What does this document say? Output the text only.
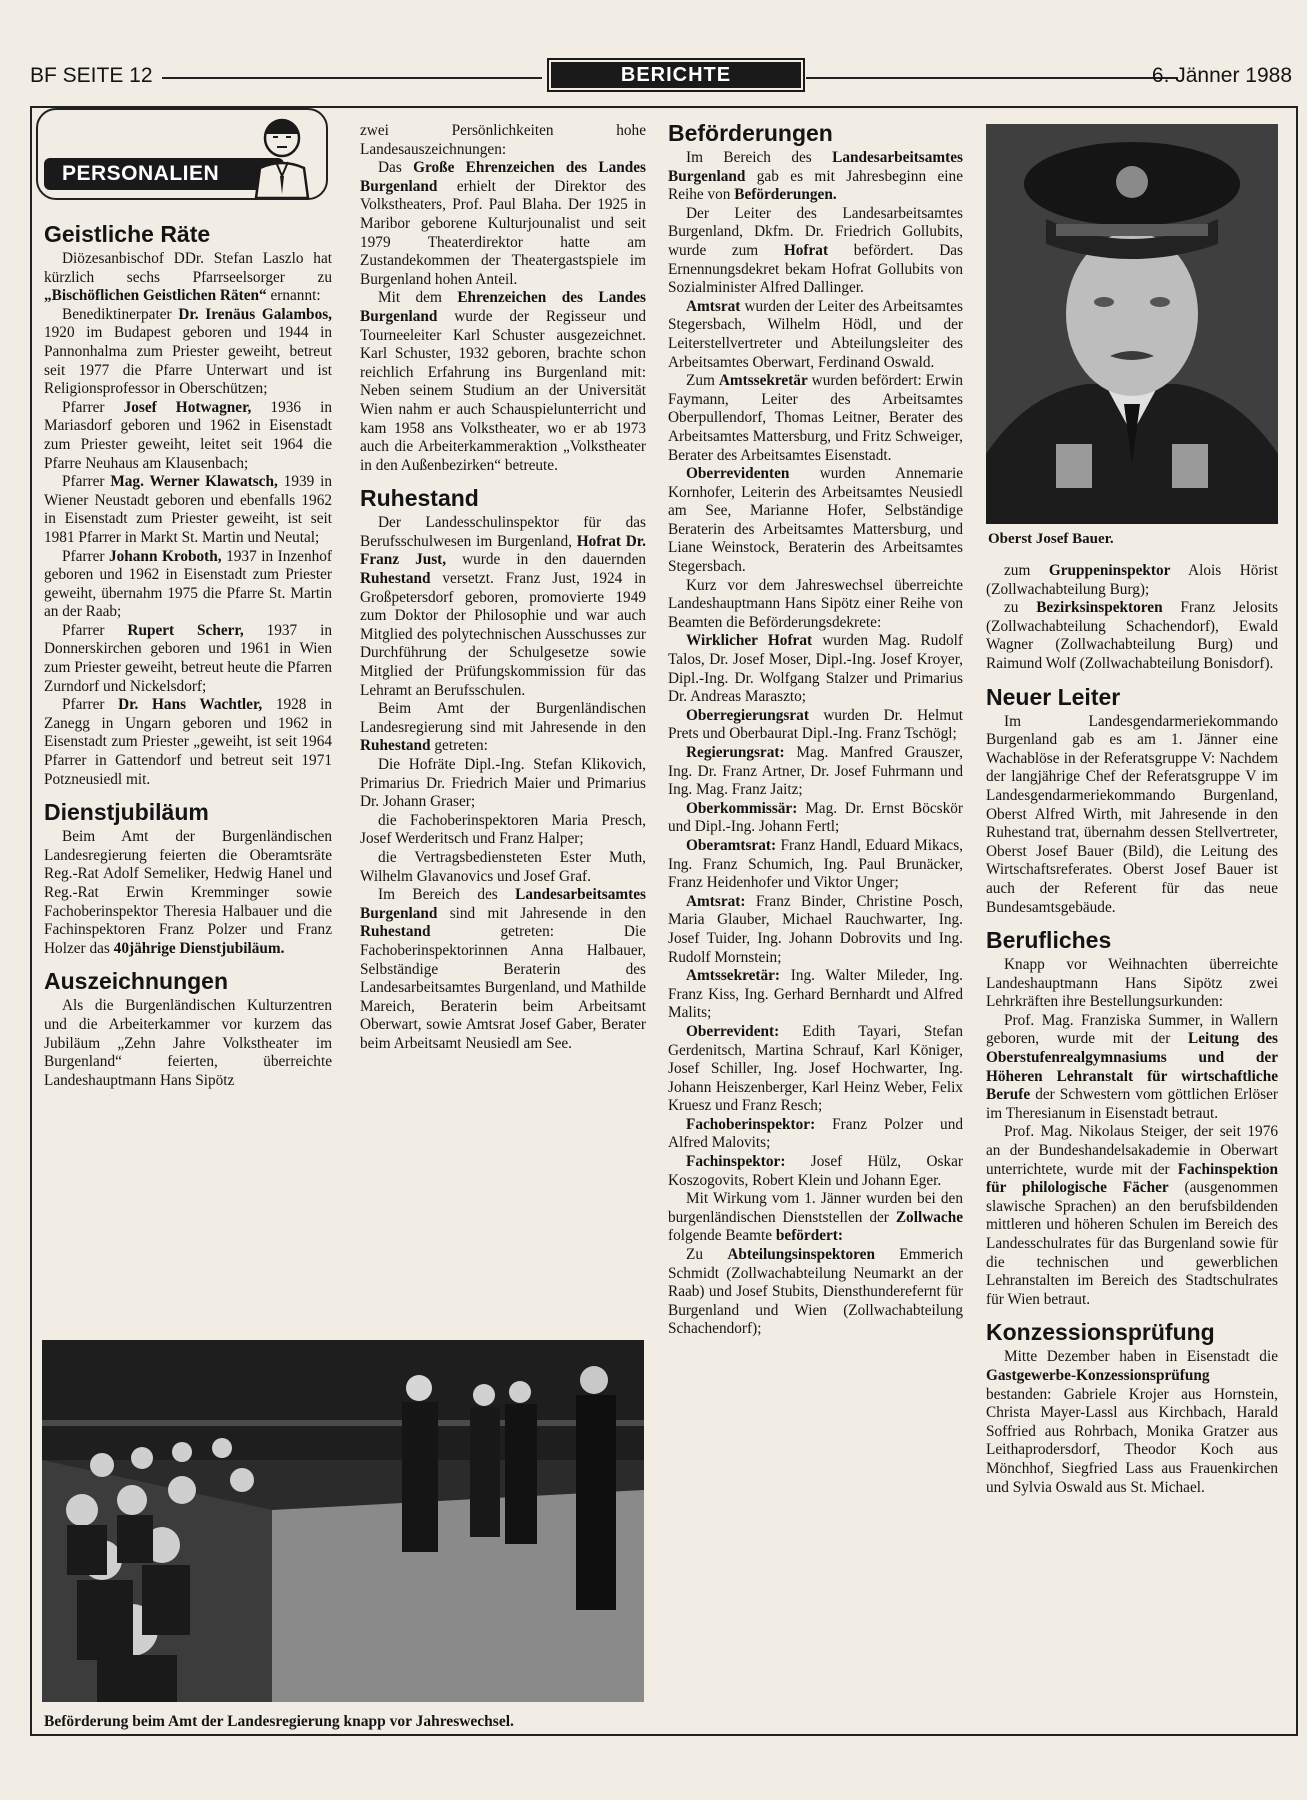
BF SEITE 12	BERICHTE	6. Jänner 1988
PERSONALIEN
Geistliche Räte

Diözesanbischof DDr. Stefan Laszlo hat kürzlich sechs Pfarrseelsorger zu „Bischöflichen Geistlichen Räten“ ernannt:

Benediktinerpater Dr. Irenäus Galambos, 1920 im Budapest geboren und 1944 in Pannonhalma zum Priester geweiht, betreut seit 1977 die Pfarre Unterwart und ist Religionsprofessor in Oberschützen;

Pfarrer Josef Hotwagner, 1936 in Mariasdorf geboren und 1962 in Eisenstadt zum Priester geweiht, leitet seit 1964 die Pfarre Neuhaus am Klausenbach;

Pfarrer Mag. Werner Klawatsch, 1939 in Wiener Neustadt geboren und ebenfalls 1962 in Eisenstadt zum Priester geweiht, ist seit 1981 Pfarrer in Markt St. Martin und Neutal;

Pfarrer Johann Kroboth, 1937 in Inzenhof geboren und 1962 in Eisenstadt zum Priester geweiht, übernahm 1975 die Pfarre St. Martin an der Raab;

Pfarrer Rupert Scherr, 1937 in Donnerskirchen geboren und 1961 in Wien zum Priester geweiht, betreut heute die Pfarren Zurndorf und Nickelsdorf;

Pfarrer Dr. Hans Wachtler, 1928 in Zanegg in Ungarn geboren und 1962 in Eisenstadt zum Priester „geweiht, ist seit 1964 Pfarrer in Gattendorf und betreut seit 1971 Potzneusiedl mit.

Dienstjubiläum

Beim Amt der Burgenländischen Landesregierung feierten die Oberamtsräte Reg.-Rat Adolf Semeliker, Hedwig Hanel und Reg.-Rat Erwin Kremminger sowie Fachoberinspektor Theresia Halbauer und die Fachinspektoren Franz Polzer und Franz Holzer das 40jährige Dienstjubiläum.

Auszeichnungen

Als die Burgenländischen Kulturzentren und die Arbeiterkammer vor kurzem das Jubiläum „Zehn Jahre Volkstheater im Burgenland“ feierten, überreichte Landeshauptmann Hans Sipötz

zwei Persönlichkeiten hohe Landesauszeichnungen:

Das Große Ehrenzeichen des Landes Burgenland erhielt der Direktor des Volkstheaters, Prof. Paul Blaha. Der 1925 in Maribor geborene Kulturjounalist und seit 1979 Theaterdirektor hatte am Zustandekommen der Theatergastspiele im Burgenland hohen Anteil.

Mit dem Ehrenzeichen des Landes Burgenland wurde der Regisseur und Tourneeleiter Karl Schuster ausgezeichnet. Karl Schuster, 1932 geboren, brachte schon reichlich Erfahrung ins Burgenland mit: Neben seinem Studium an der Universität Wien nahm er auch Schauspielunterricht und kam 1958 ans Volkstheater, wo er ab 1973 auch die Arbeiterkammeraktion „Volkstheater in den Außenbezirken“ betreute.

Ruhestand

Der Landesschulinspektor für das Berufsschulwesen im Burgenland, Hofrat Dr. Franz Just, wurde in den dauernden Ruhestand versetzt. Franz Just, 1924 in Großpetersdorf geboren, promovierte 1949 zum Doktor der Philosophie und war auch Mitglied des polytechnischen Ausschusses zur Durchführung der Schulgesetze sowie Mitglied der Prüfungskommission für das Lehramt an Berufsschulen.

Beim Amt der Burgenländischen Landesregierung sind mit Jahresende in den Ruhestand getreten:

Die Hofräte Dipl.-Ing. Stefan Klikovich, Primarius Dr. Friedrich Maier und Primarius Dr. Johann Graser;

die Fachoberinspektoren Maria Presch, Josef Werderitsch und Franz Halper;

die Vertragsbediensteten Ester Muth, Wilhelm Glavanovics und Josef Graf.

Im Bereich des Landesarbeitsamtes Burgenland sind mit Jahresende in den Ruhestand	getreten: Die Fachoberinspektorinnen Anna Halbauer, Selbständige Beraterin des Landesarbeitsamtes Burgenland, und Mathilde Mareich, Beraterin beim Arbeitsamt Oberwart, sowie Amtsrat Josef Gaber, Berater beim Arbeitsamt Neusiedl am See.

Beförderung beim Amt der Landesregierung knapp vor Jahreswechsel.
Beförderungen

Im Bereich des Landesarbeitsamtes Burgenland gab es mit Jahresbeginn eine Reihe von Beförderungen.

Der Leiter des Landesarbeitsamtes Burgenland, Dkfm. Dr. Friedrich Gollubits, wurde zum Hofrat befördert. Das Ernennungsdekret bekam Hofrat Gollubits von Sozialminister Alfred Dallinger.

Amtsrat wurden der Leiter des Arbeitsamtes Stegersbach, Wilhelm Hödl, und der Leiterstellvertreter und Abteilungsleiter des Arbeitsamtes Oberwart, Ferdinand Oswald.

Zum Amtssekretär wurden befördert: Erwin Faymann, Leiter des Arbeitsamtes Oberpullendorf, Thomas Leitner, Berater des Arbeitsamtes Mattersburg, und Fritz Schweiger, Berater des Arbeitsamtes Eisenstadt.

Oberrevidenten wurden Annemarie Kornhofer, Leiterin des Arbeitsamtes Neusiedl am See, Marianne Hofer, Selbständige Beraterin des Arbeitsamtes Mattersburg, und Liane Weinstock, Beraterin des Arbeitsamtes Stegersbach.

Kurz vor dem Jahreswechsel überreichte Landeshauptmann Hans Sipötz einer Reihe von Beamten die Beförderungsdekrete:

Wirklicher Hofrat wurden Mag. Rudolf Talos, Dr. Josef Moser, Dipl.-Ing. Josef Kroyer, Dipl.-Ing. Dr. Wolfgang Stalzer und Primarius Dr. Andreas Maraszto;

Oberregierungsrat wurden Dr. Helmut Prets und Oberbaurat Dipl.-Ing. Franz Tschögl;

Regierungsrat: Mag. Manfred Grauszer, Ing. Dr. Franz Artner, Dr. Josef Fuhrmann und Ing. Mag. Franz Jaitz;

Oberkommissär: Mag. Dr. Ernst Böcskör und Dipl.-Ing. Johann Fertl;

Oberamtsrat: Franz Handl, Eduard Mikacs, Ing. Franz Schumich, Ing. Paul Brunäcker, Franz Heidenhofer und Viktor Unger;

Amtsrat: Franz Binder, Christine Posch, Maria Glauber, Michael Rauchwarter, Ing. Josef Tuider, Ing. Johann Dobrovits und Ing. Rudolf Mornstein;

Amtssekretär: Ing. Walter Mileder, Ing. Franz Kiss, Ing. Gerhard Bernhardt und Alfred Malits;

Oberrevident: Edith Tayari, Stefan Gerdenitsch, Martina Schrauf, Karl Königer, Josef Schiller, Ing. Josef Hochwarter, Ing. Johann Heiszenberger, Karl Heinz Weber, Felix Kruesz und Franz Resch;

Fachoberinspektor: Franz Polzer und Alfred Malovits;

Fachinspektor: Josef Hülz, Oskar Koszogovits, Robert Klein und Johann Eger.

Mit Wirkung vom 1. Jänner wurden bei den burgenländischen Dienststellen der Zollwache folgende Beamte befördert:

Zu Abteilungsinspektoren Emmerich Schmidt (Zollwachabteilung Neumarkt an der Raab) und Josef Stubits, Diensthunderefernt für Burgenland und Wien (Zollwachabteilung Schachendorf);

Oberst Josef Bauer.

zum Gruppeninspektor Alois Hörist (Zollwachabteilung Burg);

zu Bezirksinspektoren Franz Jelosits (Zollwachabteilung Schachendorf), Ewald Wagner (Zollwachabteilung Burg) und Raimund Wolf (Zollwachabteilung Bonisdorf).

Neuer Leiter

Im Landesgendarmeriekommando Burgenland gab es am 1. Jänner eine Wachablöse in der Referatsgruppe V: Nachdem der langjährige Chef der Referatsgruppe V im Landesgendarmeriekommando Burgenland, Oberst Alfred Wirth, mit Jahresende in den Ruhestand trat, übernahm dessen Stellvertreter, Oberst Josef Bauer (Bild), die Leitung des Wirtschaftsreferates. Oberst Josef Bauer ist auch der Referent für das neue Bundesamtsgebäude.

Berufliches

Knapp vor Weihnachten überreichte Landeshauptmann Hans Sipötz zwei Lehrkräften ihre Bestellungsurkunden:

Prof. Mag. Franziska Summer, in Wallern geboren, wurde mit der Leitung des Oberstufenrealgymnasiums und der Höheren Lehranstalt für wirtschaftliche Berufe der Schwestern vom göttlichen Erlöser im Theresianum in Eisenstadt betraut.

Prof. Mag. Nikolaus Steiger, der seit 1976 an der Bundeshandelsakademie in Oberwart unterrichtete, wurde mit der Fachinspektion für philologische Fächer (ausgenommen slawische Sprachen) an den berufsbildenden mittleren und höheren Schulen im Bereich des Landesschulrates für das Burgenland sowie für die technischen und gewerblichen Lehranstalten im Bereich des Stadtschulrates für Wien betraut.

Konzessionsprüfung

Mitte Dezember haben in Eisenstadt die Gastgewerbe-Konzessionsprüfung bestanden: Gabriele Krojer aus Hornstein, Christa Mayer-Lassl aus Kirchbach, Harald Soffried aus Rohrbach, Monika Gratzer aus Leithaprodersdorf, Theodor Koch aus Mönchhof, Siegfried Lass aus Frauenkirchen und Sylvia Oswald aus St. Michael.
